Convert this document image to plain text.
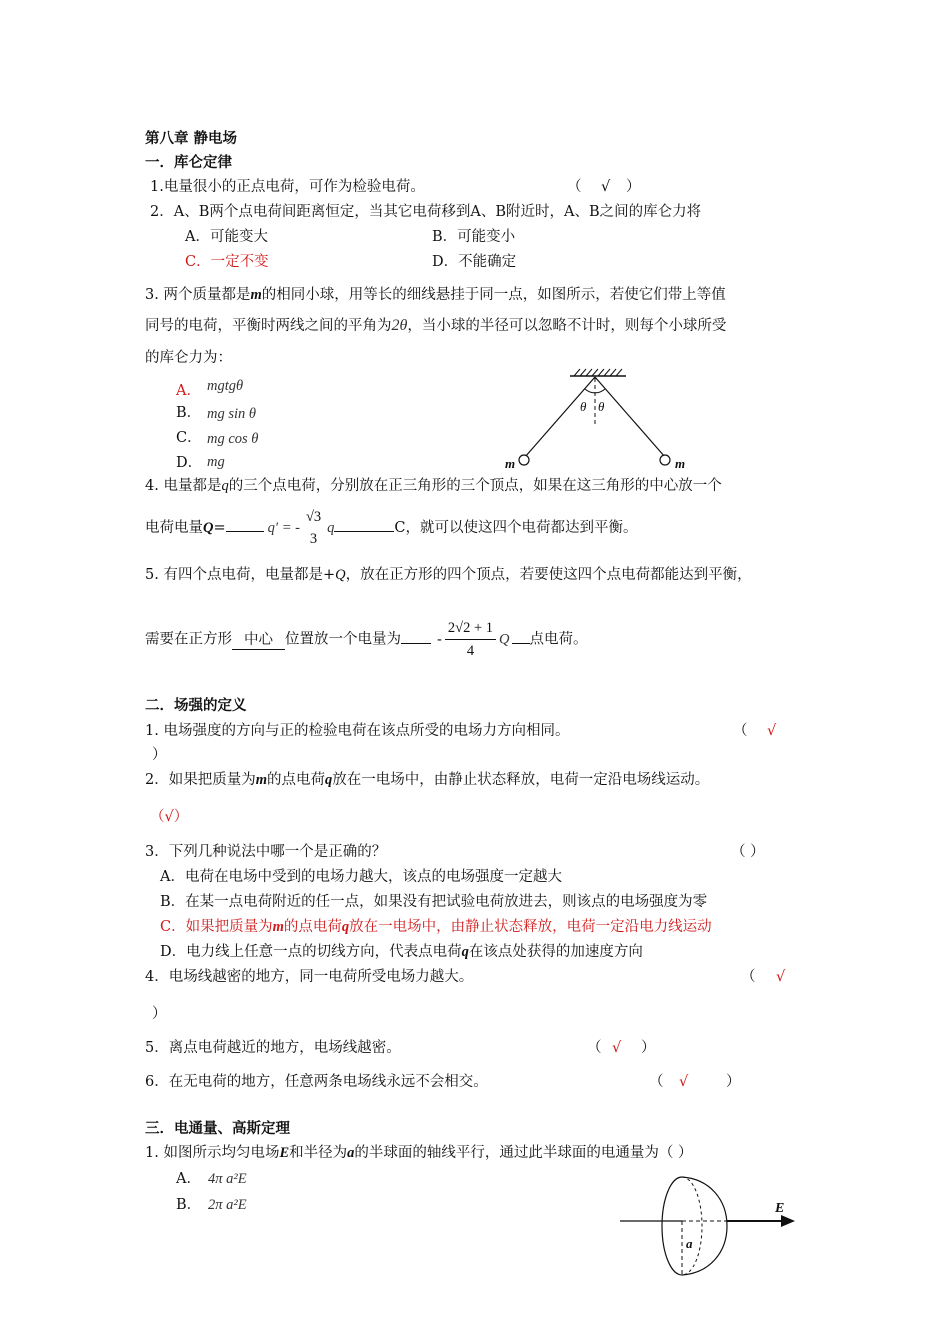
第八章 静电场
一．库仑定律
1.电量很小的正点电荷，可作为检验电荷。	（ √ ）
2．A、B两个点电荷间距离恒定，当其它电荷移到A、B附近时，A、B之间的库仑力将
A．可能变大	B．可能变小
C．一定不变	D．不能确定
3. 两个质量都是m的相同小球，用等长的细线悬挂于同一点，如图所示，若使它们带上等值
同号的电荷，平衡时两线之间的平角为2θ，当小球的半径可以忽略不计时，则每个小球所受
的库仑力为：
A． mgtgθ
B． mg sin θ
C． mg cos θ
D． mg
θ θ
m	m
4. 电量都是q的三个点电荷，分别放在正三角形的三个顶点，如果在这三角形的中心放一个
电荷电量Q=	q′ = -
√3
3
q	C，就可以使这四个电荷都达到平衡。
5. 有四个点电荷，电量都是+Q，放在正方形的四个顶点，若要使这四个点电荷都能达到平衡，
需要在正方形 中心 位置放一个电量为 - $\frac{2√2 + 1}{4}$ Q 点电荷。
二．场强的定义
1. 电场强度的方向与正的检验电荷在该点所受的电场力方向相同。	（ √
）
2．如果把质量为m的点电荷q放在一电场中，由静止状态释放，电荷一定沿电场线运动。
（√）
3．下列几种说法中哪一个是正确的？	（ ）
A．电荷在电场中受到的电场力越大，该点的电场强度一定越大
B．在某一点电荷附近的任一点，如果没有把试验电荷放进去，则该点的电场强度为零
C．如果把质量为m的点电荷q放在一电场中，由静止状态释放，电荷一定沿电力线运动
D．电力线上任意一点的切线方向，代表点电荷q在该点处获得的加速度方向
4．电场线越密的地方，同一电荷所受电场力越大。	（ √
）
5．离点电荷越近的地方，电场线越密。	（ √ ）
6．在无电荷的地方，任意两条电场线永远不会相交。	（ √	）
三．电通量、高斯定理
1. 如图所示均匀电场E和半径为a的半球面的轴线平行，通过此半球面的电通量为（ ）
A． 4π a²E
B． 2π a²E	E
a
